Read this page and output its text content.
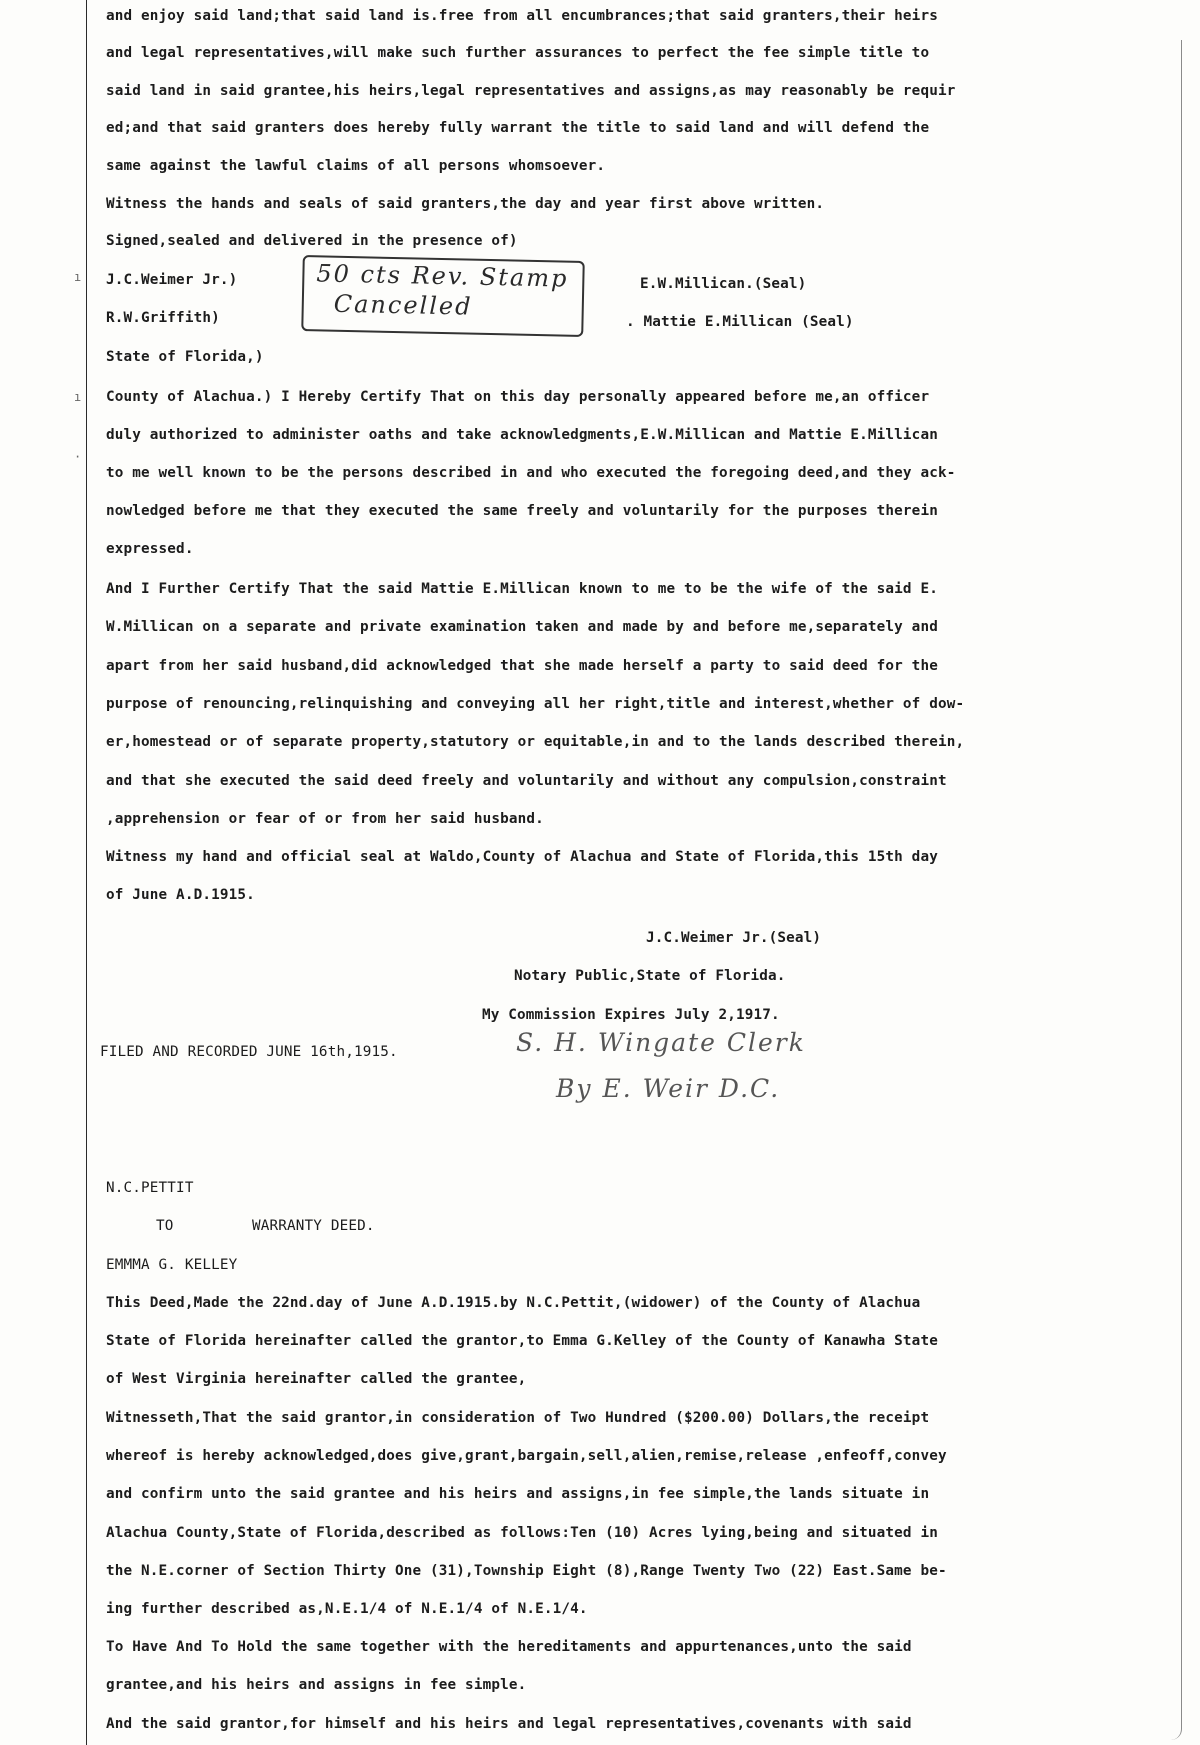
ı
ı
·
and enjoy said land;that said land is.free from all encumbrances;that said granters,their heirs
and legal representatives,will make such further assurances to perfect the fee simple title to
said land in said grantee,his heirs,legal representatives and assigns,as may reasonably be requir
ed;and that said granters does hereby fully warrant the title to said land and will defend the
same against the lawful claims of all persons whomsoever.
Witness the hands and seals of said granters,the day and year first above written.
Signed,sealed and delivered in the presence of)
J.C.Weimer Jr.)
R.W.Griffith)
50 cts Rev. Stamp
Cancelled
E.W.Millican.(Seal)
. Mattie E.Millican (Seal)
State of Florida,)
County of Alachua.) I Hereby Certify That on this day personally appeared before me,an officer
duly authorized to administer oaths and take acknowledgments,E.W.Millican and Mattie E.Millican
to me well known to be the persons described in and who executed the foregoing deed,and they ack-
nowledged before me that they executed the same freely and voluntarily for the purposes therein
expressed.
And I Further Certify That the said Mattie E.Millican known to me to be the wife of the said E.
W.Millican on a separate and private examination taken and made by and before me,separately and
apart from her said husband,did acknowledged that she made herself a party to said deed for the
purpose of renouncing,relinquishing and conveying all her right,title and interest,whether of dow-
er,homestead or of separate property,statutory or equitable,in and to the lands described therein,
and that she executed the said deed freely and voluntarily and without any compulsion,constraint
,apprehension or fear of or from her said husband.
Witness my hand and official seal at Waldo,County of Alachua and State of Florida,this 15th day
of June A.D.1915.
J.C.Weimer Jr.(Seal)
Notary Public,State of Florida.
My Commission Expires July 2,1917.
FILED AND RECORDED JUNE 16th,1915.	S. H. Wingate Clerk
By E. Weir D.C.
N.C.PETTIT
TO	WARRANTY DEED.
EMMMA G. KELLEY
This Deed,Made the 22nd.day of June A.D.1915.by N.C.Pettit,(widower) of the County of Alachua
State of Florida hereinafter called the grantor,to Emma G.Kelley of the County of Kanawha State
of West Virginia hereinafter called the grantee,
Witnesseth,That the said grantor,in consideration of Two Hundred ($200.00) Dollars,the receipt
whereof is hereby acknowledged,does give,grant,bargain,sell,alien,remise,release ,enfeoff,convey
and confirm unto the said grantee and his heirs and assigns,in fee simple,the lands situate in
Alachua County,State of Florida,described as follows:Ten (10) Acres lying,being and situated in
the N.E.corner of Section Thirty One (31),Township Eight (8),Range Twenty Two (22) East.Same be-
ing further described as,N.E.1/4 of N.E.1/4 of N.E.1/4.
To Have And To Hold the same together with the hereditaments and appurtenances,unto the said
grantee,and his heirs and assigns in fee simple.
And the said grantor,for himself and his heirs and legal representatives,covenants with said
